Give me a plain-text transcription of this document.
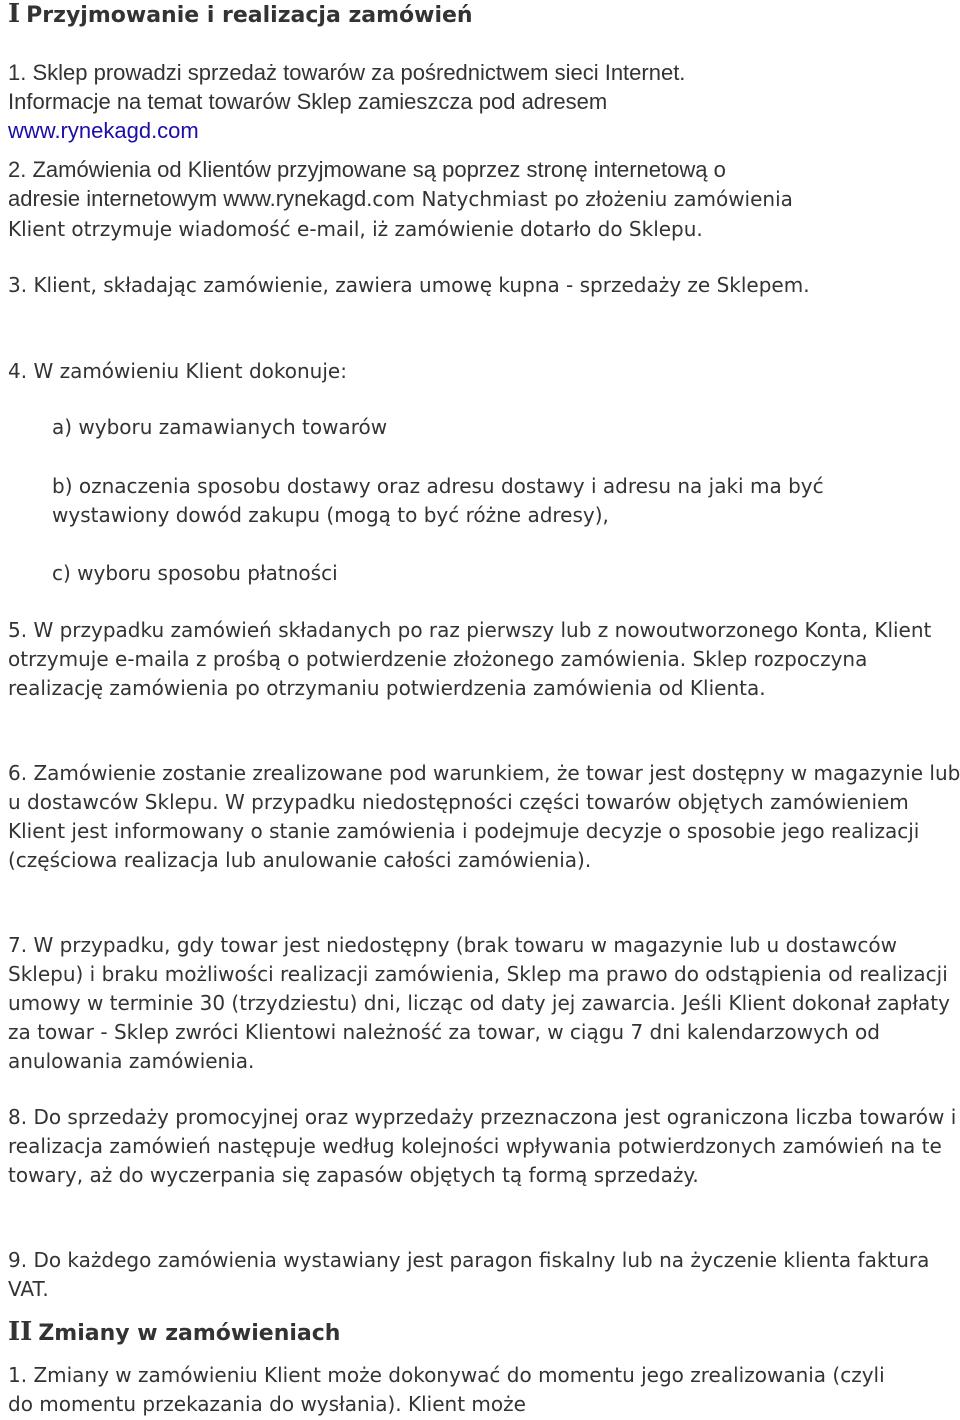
I Przyjmowanie i realizacja zamówień

1. Sklep prowadzi sprzedaż towarów za pośrednictwem sieci Internet.
Informacje na temat towarów Sklep zamieszcza pod adresem
www.rynekagd.com

2. Zamówienia od Klientów przyjmowane są poprzez stronę internetową o
adresie internetowym www.rynekagd.com Natychmiast po złożeniu zamówienia
Klient otrzymuje wiadomość e-mail, iż zamówienie dotarło do Sklepu.

3. Klient, składając zamówienie, zawiera umowę kupna - sprzedaży ze Sklepem.

4. W zamówieniu Klient dokonuje:

a) wyboru zamawianych towarów

b) oznaczenia sposobu dostawy oraz adresu dostawy i adresu na jaki ma być wystawiony dowód zakupu (mogą to być różne adresy),

c) wyboru sposobu płatności

5. W przypadku zamówień składanych po raz pierwszy lub z nowoutworzonego Konta, Klient otrzymuje e-maila z prośbą o potwierdzenie złożonego zamówienia. Sklep rozpoczyna realizację zamówienia po otrzymaniu potwierdzenia zamówienia od Klienta.

6. Zamówienie zostanie zrealizowane pod warunkiem, że towar jest dostępny w magazynie lub u dostawców Sklepu. W przypadku niedostępności części towarów objętych zamówieniem Klient jest informowany o stanie zamówienia i podejmuje decyzje o sposobie jego realizacji (częściowa realizacja lub anulowanie całości zamówienia).

7. W przypadku, gdy towar jest niedostępny (brak towaru w magazynie lub u dostawców Sklepu) i braku możliwości realizacji zamówienia, Sklep ma prawo do odstąpienia od realizacji umowy w terminie 30 (trzydziestu) dni, licząc od daty jej zawarcia. Jeśli Klient dokonał zapłaty za towar - Sklep zwróci Klientowi należność za towar, w ciągu 7 dni kalendarzowych od anulowania zamówienia.

8. Do sprzedaży promocyjnej oraz wyprzedaży przeznaczona jest ograniczona liczba towarów i realizacja zamówień następuje według kolejności wpływania potwierdzonych zamówień na te towary, aż do wyczerpania się zapasów objętych tą formą sprzedaży.

9. Do każdego zamówienia wystawiany jest paragon fiskalny lub na życzenie klienta faktura VAT.

II Zmiany w zamówieniach

1. Zmiany w zamówieniu Klient może dokonywać do momentu jego zrealizowania (czyli do momentu przekazania do wysłania). Klient może
